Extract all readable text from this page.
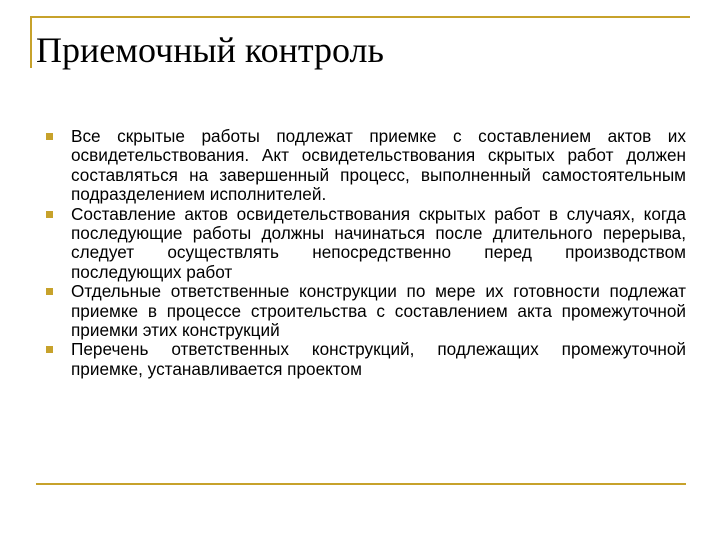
Приемочный контроль
Все скрытые работы подлежат приемке с составлением актов их освидетельствования. Акт освидетельствования скрытых работ должен составляться на завершенный процесс, выполненный самостоятельным подразделением исполнителей.
Составление актов освидетельствования скрытых работ в случаях, когда последующие работы должны начинаться после длительного перерыва, следует осуществлять непосредственно перед производством последующих работ
Отдельные ответственные конструкции по мере их готовности подлежат приемке в процессе строительства с составлением акта промежуточной приемки этих конструкций
Перечень ответственных конструкций, подлежащих промежуточной приемке, устанавливается проектом
